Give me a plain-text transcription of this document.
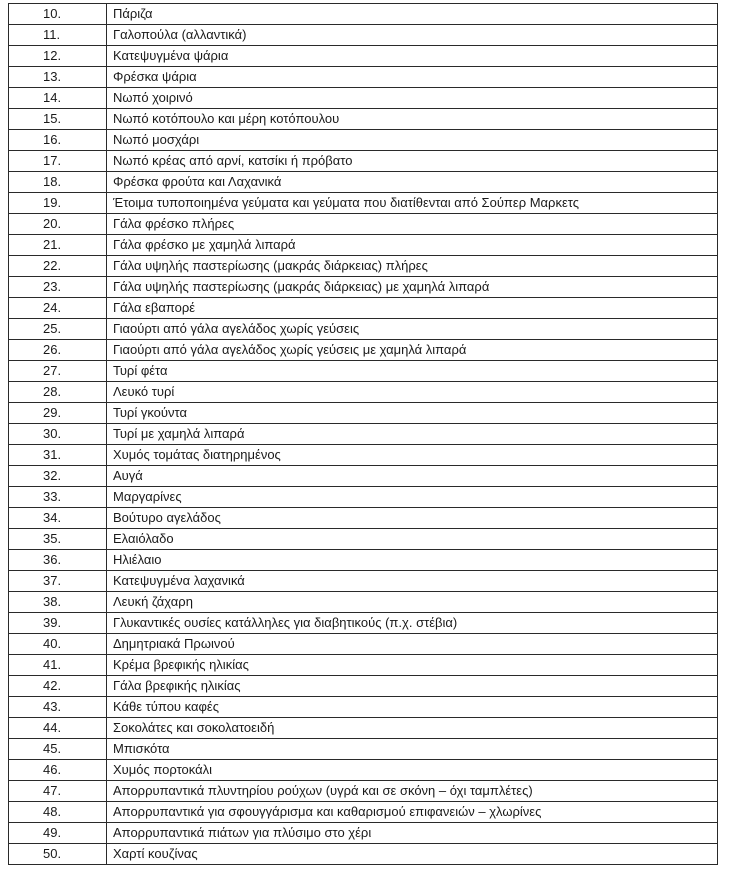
10.	Πάριζα
11.	Γαλοπούλα (αλλαντικά)
12.	Κατεψυγμένα ψάρια
13.	Φρέσκα ψάρια
14.	Νωπό χοιρινό
15.	Νωπό κοτόπουλο και μέρη κοτόπουλου
16.	Νωπό μοσχάρι
17.	Νωπό κρέας από αρνί, κατσίκι ή πρόβατο
18.	Φρέσκα φρούτα και Λαχανικά
19.	Έτοιμα τυποποιημένα γεύματα και γεύματα που διατίθενται από Σούπερ Μαρκετς
20.	Γάλα φρέσκο πλήρες
21.	Γάλα φρέσκο με χαμηλά λιπαρά
22.	Γάλα υψηλής παστερίωσης (μακράς διάρκειας) πλήρες
23.	Γάλα υψηλής παστερίωσης (μακράς διάρκειας) με χαμηλά λιπαρά
24.	Γάλα εβαπορέ
25.	Γιαούρτι από γάλα αγελάδος χωρίς γεύσεις
26.	Γιαούρτι από γάλα αγελάδος χωρίς γεύσεις με χαμηλά λιπαρά
27.	Τυρί φέτα
28.	Λευκό τυρί
29.	Τυρί γκούντα
30.	Τυρί με χαμηλά λιπαρά
31.	Χυμός τομάτας διατηρημένος
32.	Αυγά
33.	Μαργαρίνες
34.	Βούτυρο αγελάδος
35.	Ελαιόλαδο
36.	Ηλιέλαιο
37.	Κατεψυγμένα λαχανικά
38.	Λευκή ζάχαρη
39.	Γλυκαντικές ουσίες κατάλληλες για διαβητικούς (π.χ. στέβια)
40.	Δημητριακά Πρωινού
41.	Κρέμα βρεφικής ηλικίας
42.	Γάλα βρεφικής ηλικίας
43.	Κάθε τύπου καφές
44.	Σοκολάτες και σοκολατοειδή
45.	Μπισκότα
46.	Χυμός πορτοκάλι
47.	Απορρυπαντικά πλυντηρίου ρούχων (υγρά και σε σκόνη – όχι ταμπλέτες)
48.	Απορρυπαντικά για σφουγγάρισμα και καθαρισμού επιφανειών – χλωρίνες
49.	Απορρυπαντικά πιάτων για πλύσιμο στο χέρι
50.	Χαρτί κουζίνας
